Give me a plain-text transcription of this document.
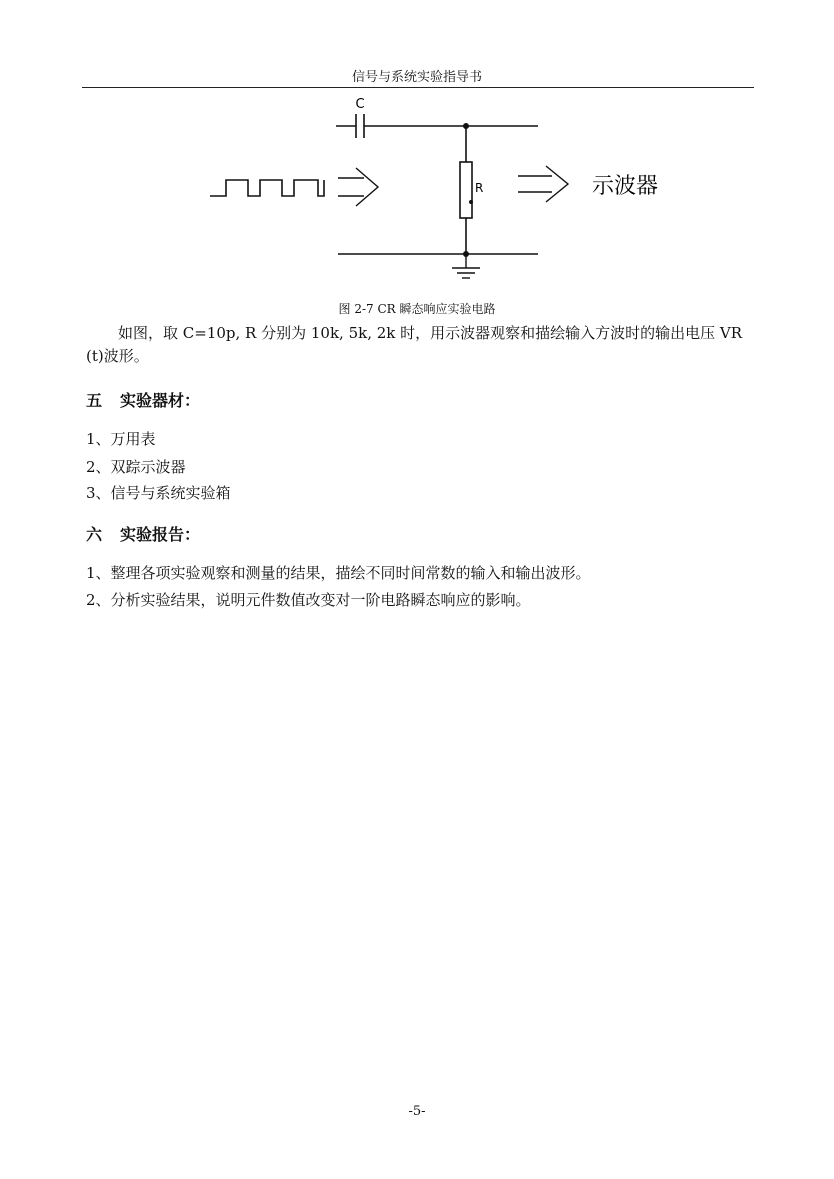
信号与系统实验指导书
C
R	示波器
图 2-7 CR 瞬态响应实验电路
如图，取 C=10p, R 分别为 10k, 5k, 2k 时，用示波器观察和描绘输入方波时的输出电压 VR (t)波形。
五 实验器材：
1、万用表
2、双踪示波器
3、信号与系统实验箱
六 实验报告：
1、整理各项实验观察和测量的结果，描绘不同时间常数的输入和输出波形。
2、分析实验结果，说明元件数值改变对一阶电路瞬态响应的影响。
-5-
